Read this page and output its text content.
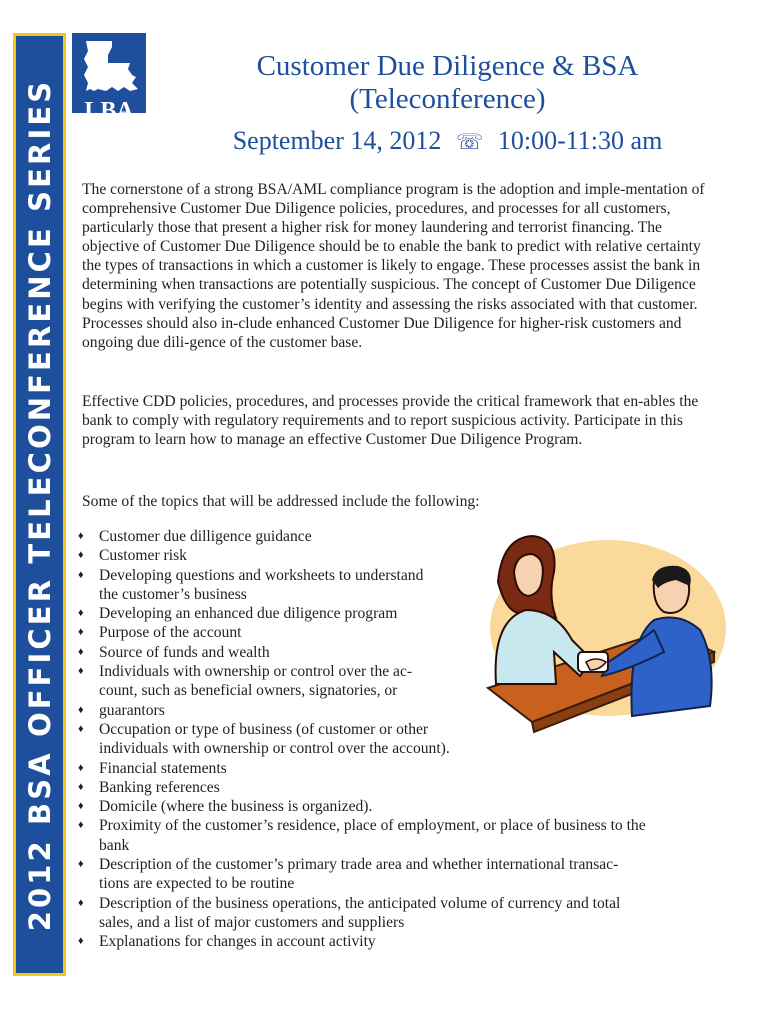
2012 BSA OFFICER TELECONFERENCE SERIES	LBA
Customer Due Diligence & BSA
(Teleconference)
September 14, 2012 ☏ 10:00-11:30 am

The cornerstone of a strong BSA/AML compliance program is the adoption and imple-mentation of comprehensive Customer Due Diligence policies, procedures, and processes for all customers, particularly those that present a higher risk for money laundering and terrorist financing. The objective of Customer Due Diligence should be to enable the bank to predict with relative certainty the types of transactions in which a customer is likely to engage. These processes assist the bank in determining when transactions are potentially suspicious. The concept of Customer Due Diligence begins with verifying the customer’s identity and assessing the risks associated with that customer. Processes should also in-clude enhanced Customer Due Diligence for higher-risk customers and ongoing due dili-gence of the customer base.

Effective CDD policies, procedures, and processes provide the critical framework that en-ables the bank to comply with regulatory requirements and to report suspicious activity. Participate in this program to learn how to manage an effective Customer Due Diligence Program.

Some of the topics that will be addressed include the following:
♦ Customer due dilligence guidance
♦ Customer risk
♦ Developing questions and worksheets to understand
the customer’s business
♦ Developing an enhanced due diligence program
♦ Purpose of the account
♦ Source of funds and wealth
♦ Individuals with ownership or control over the ac-
count, such as beneficial owners, signatories, or
♦ guarantors
♦ Occupation or type of business (of customer or other
individuals with ownership or control over the account).
♦ Financial statements
♦ Banking references
♦ Domicile (where the business is organized).
♦ Proximity of the customer’s residence, place of employment, or place of business to the
bank
♦ Description of the customer’s primary trade area and whether international transac-
tions are expected to be routine
♦ Description of the business operations, the anticipated volume of currency and total
sales, and a list of major customers and suppliers
♦ Explanations for changes in account activity
